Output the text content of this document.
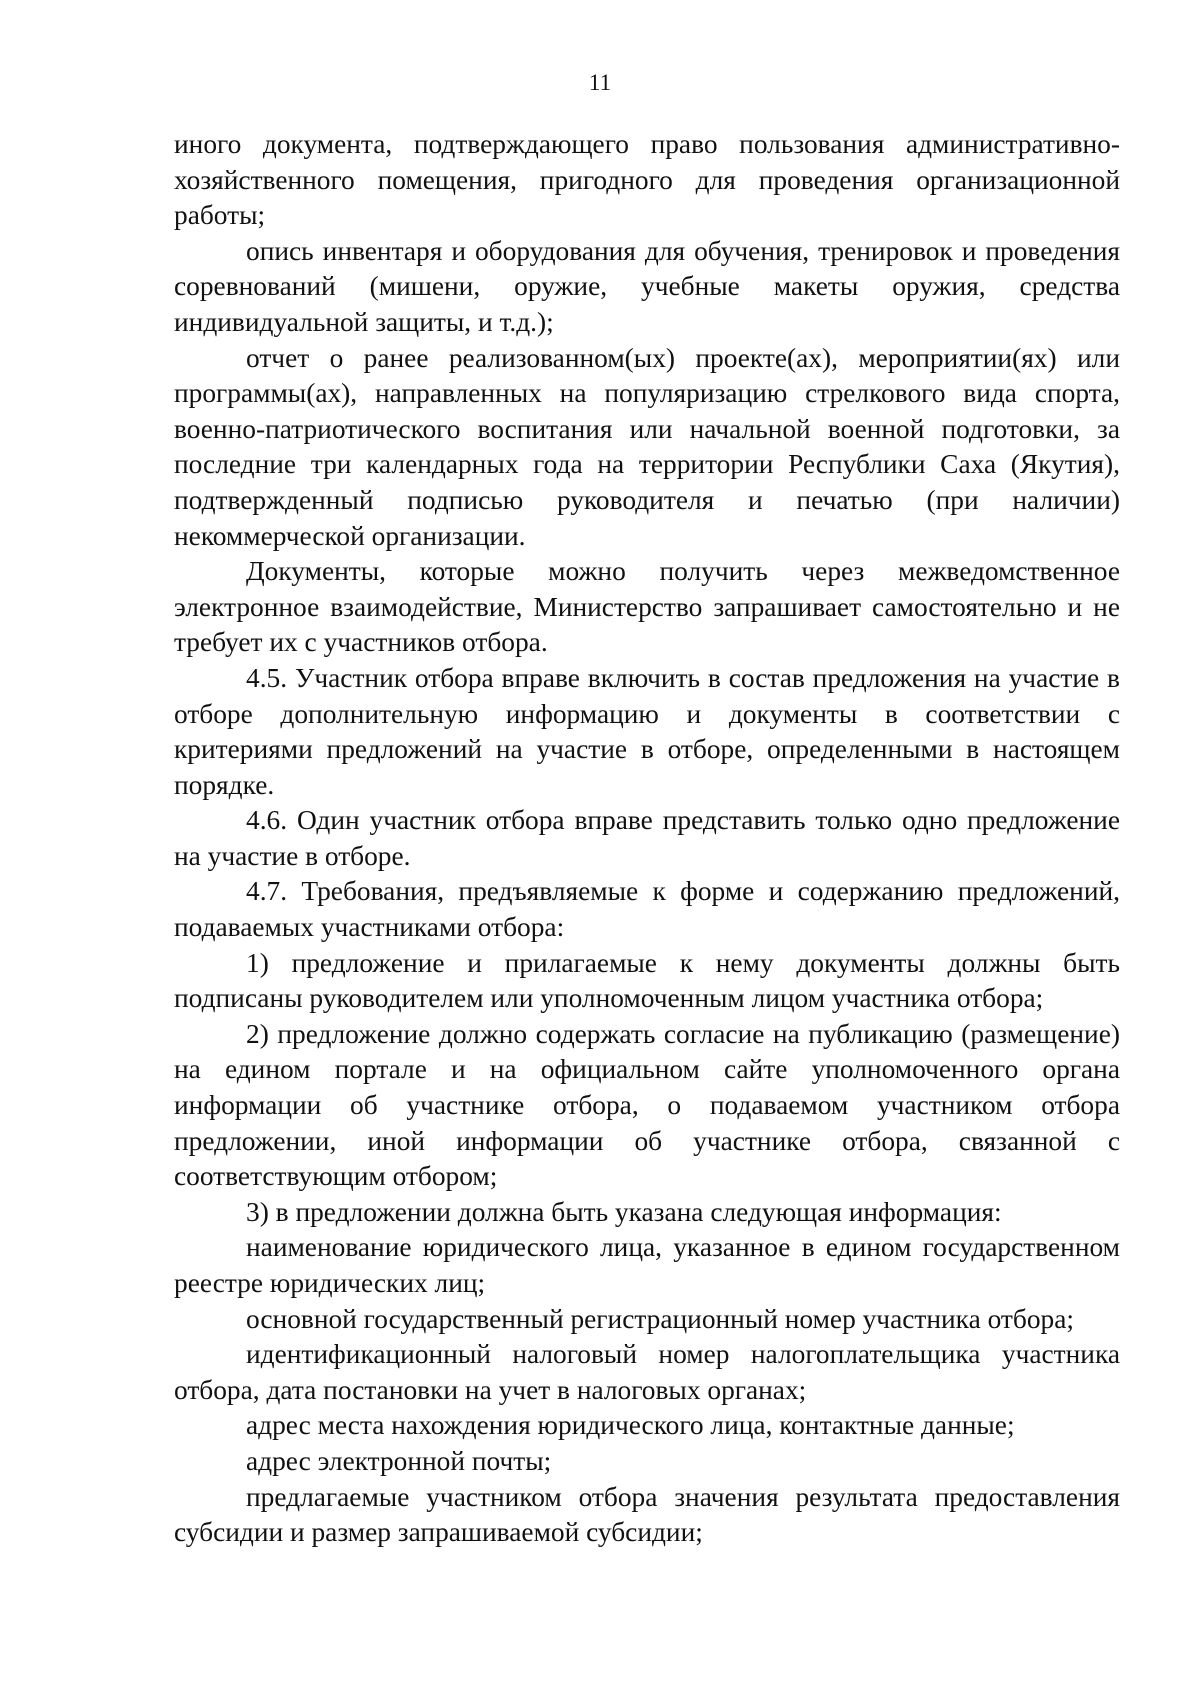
11

иного документа, подтверждающего право пользования административно-хозяйственного помещения, пригодного для проведения организационной работы;

опись инвентаря и оборудования для обучения, тренировок и проведения соревнований (мишени, оружие, учебные макеты оружия, средства индивидуальной защиты, и т.д.);

отчет о ранее реализованном(ых) проекте(ах), мероприятии(ях) или программы(ах), направленных на популяризацию стрелкового вида спорта, военно-патриотического воспитания или начальной военной подготовки, за последние три календарных года на территории Республики Саха (Якутия), подтвержденный подписью руководителя и печатью (при наличии) некоммерческой организации.

Документы, которые можно получить через межведомственное электронное взаимодействие, Министерство запрашивает самостоятельно и не требует их с участников отбора.

4.5. Участник отбора вправе включить в состав предложения на участие в отборе дополнительную информацию и документы в соответствии с критериями предложений на участие в отборе, определенными в настоящем порядке.

4.6. Один участник отбора вправе представить только одно предложение на участие в отборе.

4.7. Требования, предъявляемые к форме и содержанию предложений, подаваемых участниками отбора:

1) предложение и прилагаемые к нему документы должны быть подписаны руководителем или уполномоченным лицом участника отбора;

2) предложение должно содержать согласие на публикацию (размещение) на едином портале и на официальном сайте уполномоченного органа информации об участнике отбора, о подаваемом участником отбора предложении, иной информации об участнике отбора, связанной с соответствующим отбором;

3) в предложении должна быть указана следующая информация:

наименование юридического лица, указанное в едином государственном реестре юридических лиц;

основной государственный регистрационный номер участника отбора;

идентификационный налоговый номер налогоплательщика участника отбора, дата постановки на учет в налоговых органах;

адрес места нахождения юридического лица, контактные данные;

адрес электронной почты;

предлагаемые участником отбора значения результата предоставления субсидии и размер запрашиваемой субсидии;
